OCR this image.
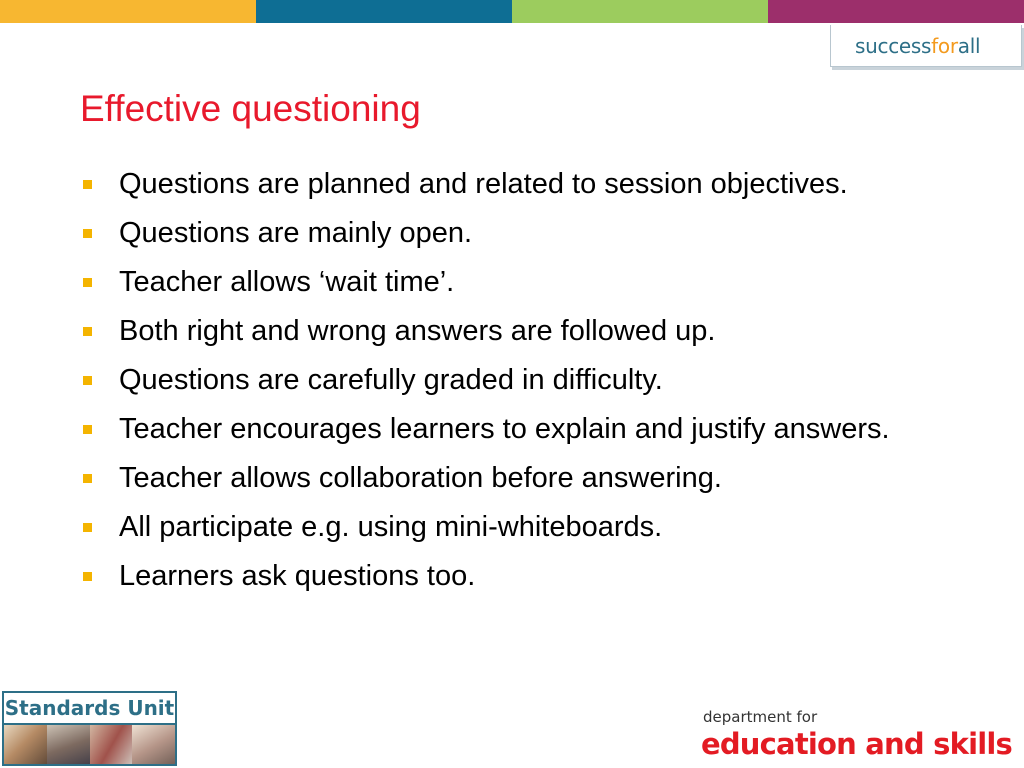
successforall
Effective questioning
Questions are planned and related to session objectives.
Questions are mainly open.
Teacher allows ‘wait time’.
Both right and wrong answers are followed up.
Questions are carefully graded in difficulty.
Teacher encourages learners to explain and justify answers.
Teacher allows collaboration before answering.
All participate e.g. using mini-whiteboards.
Learners ask questions too.
Standards Unit	department for
education and skills
